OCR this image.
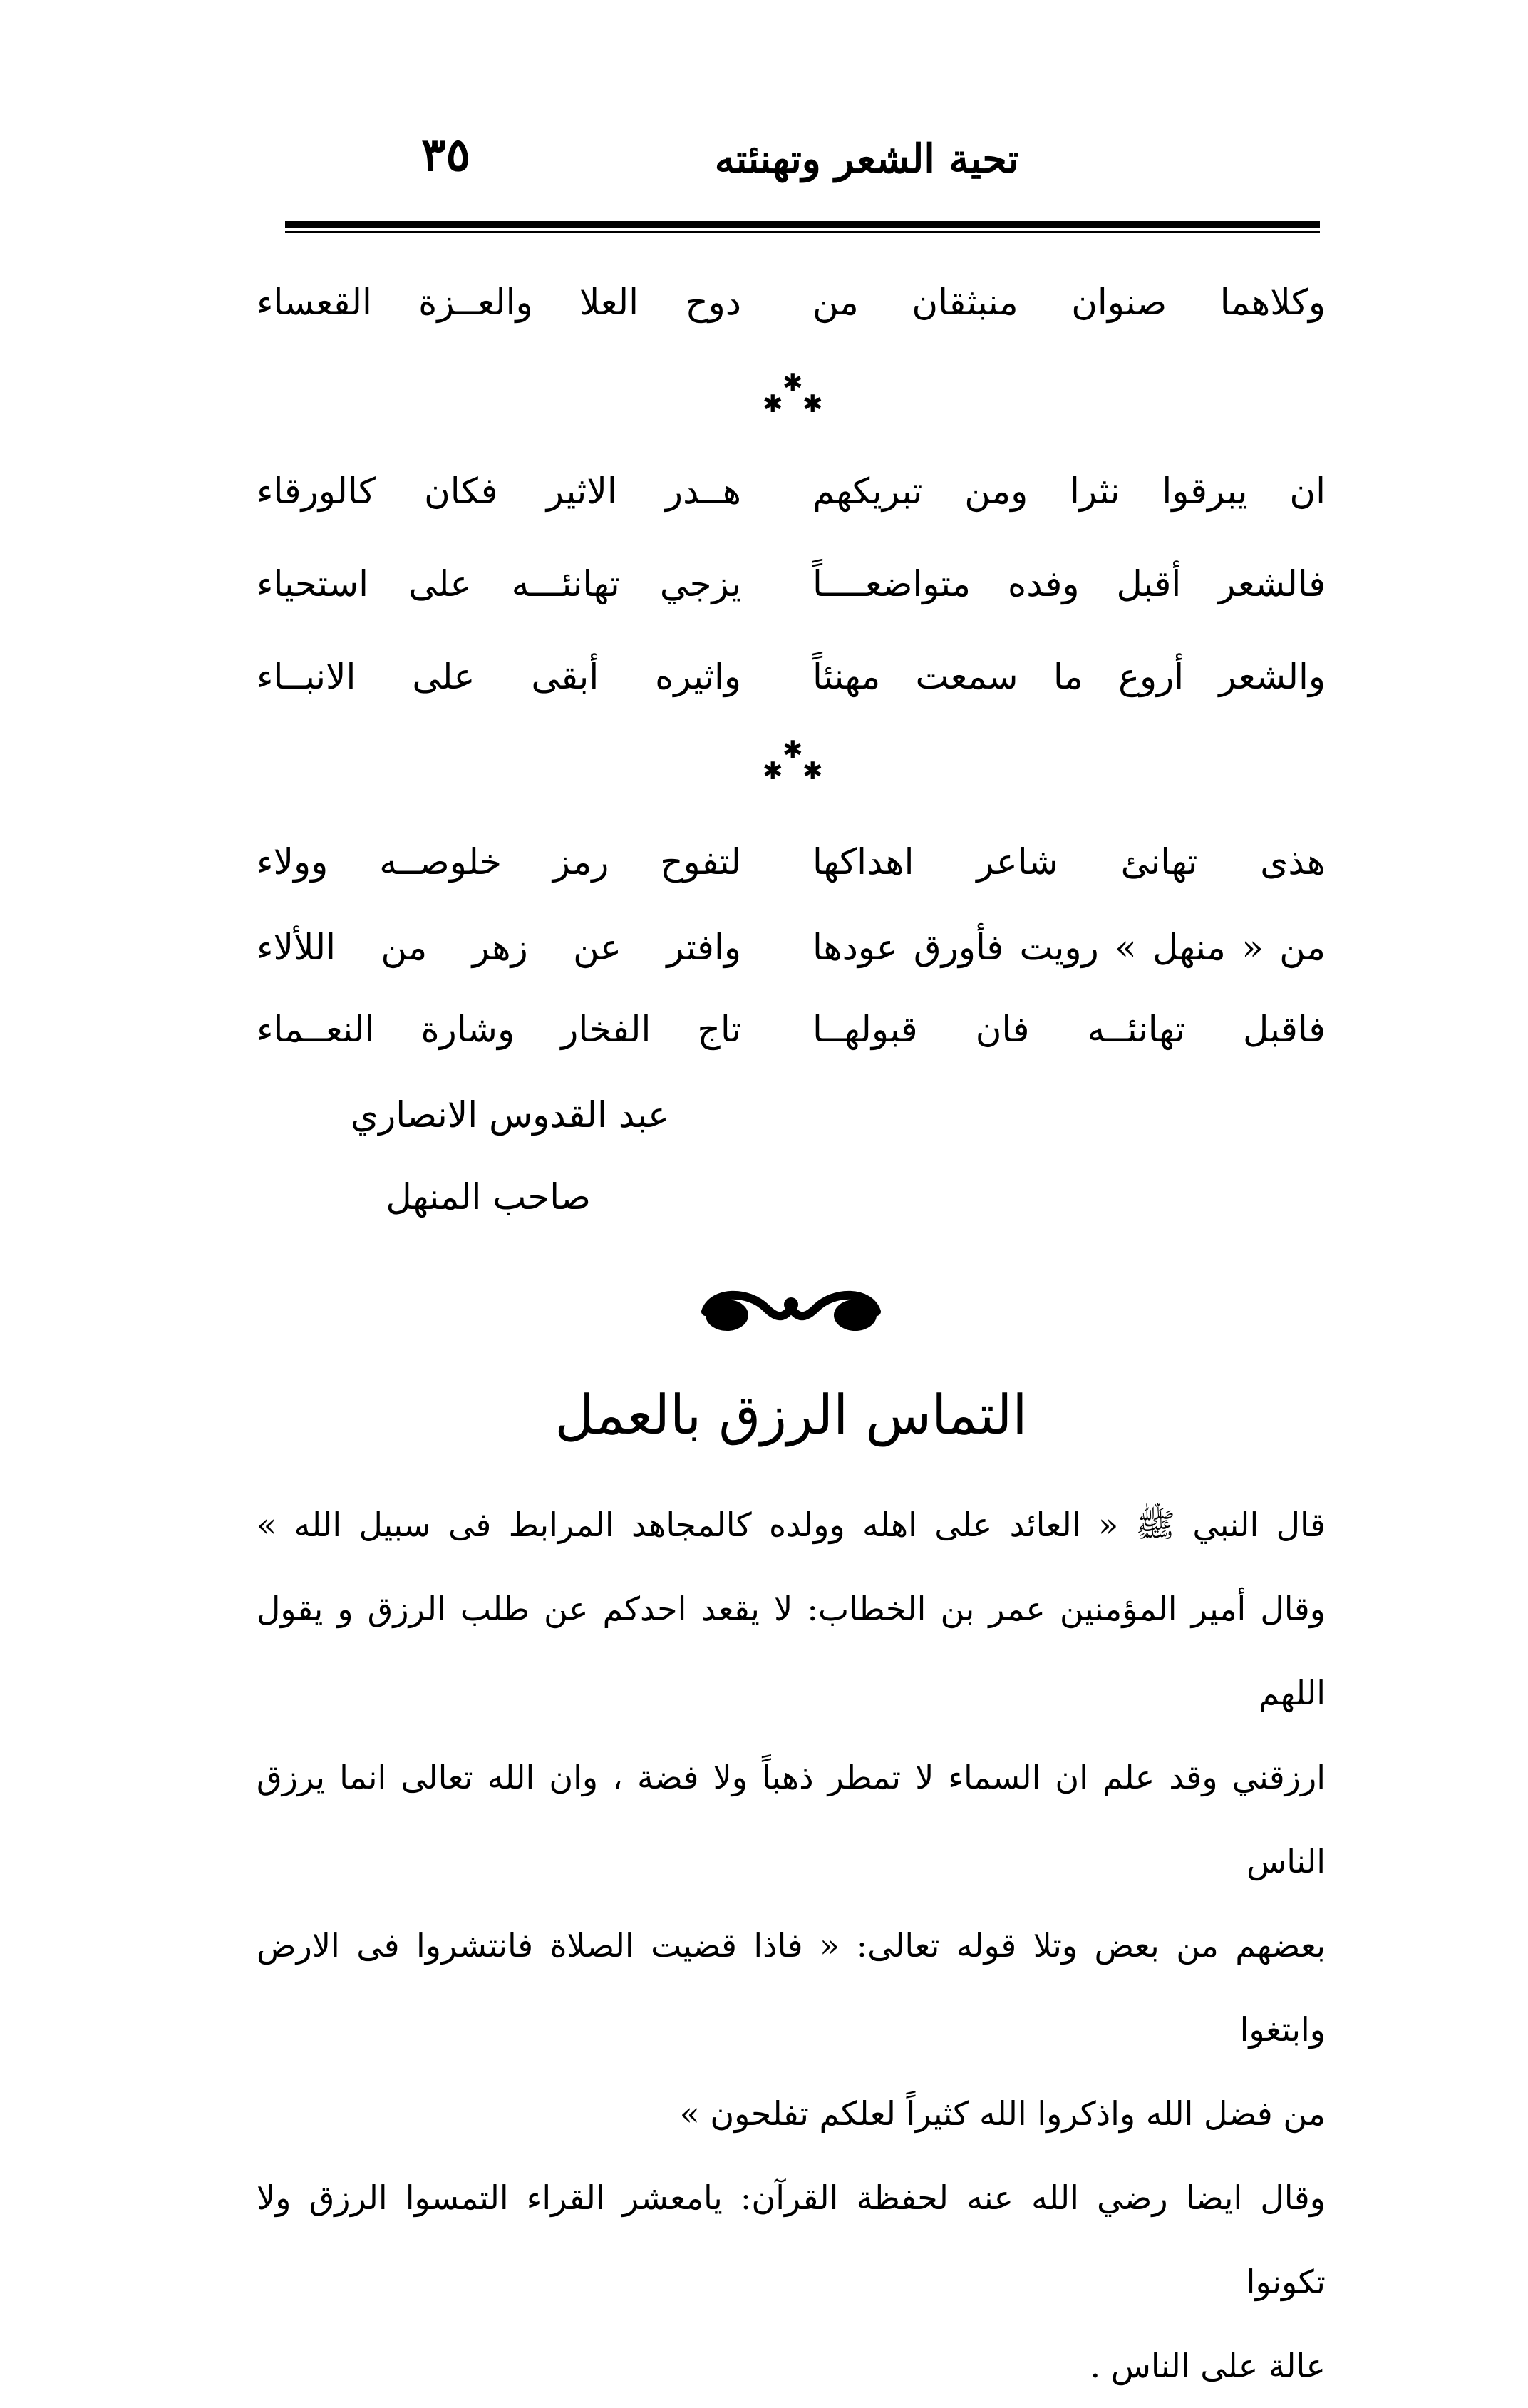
تحية الشعر وتهنئته
٣٥
وكلاهما صنوان منبثقان من
دوح العلا والعــزة القعساء
✱
✱ ✱
ان يبرقوا نثرا ومن تبريكهم
هــدر الاثير فكان كالورقاء
فالشعر أقبل وفده متواضعــــاً
يزجي تهانئـــه على استحياء
والشعر أروع ما سمعت مهنئاً
واثيره أبقى على الانبــاء
✱
✱ ✱
هذى تهانئ شاعر اهداكها
لتفوح رمز خلوصــه وولاء
من « منهل » رويت فأورق عودها
وافتر عن زهر من اللألاء
فاقبل تهانئــه فان قبولهــا
تاج الفخار وشارة النعــماء
عبد القدوس الانصاري
صاحب المنهل
التماس الرزق بالعمل

قال النبي ﷺ « العائد على اهله وولده كالمجاهد المرابط فى سبيل الله »

وقال أمير المؤمنين عمر بن الخطاب: لا يقعد احدكم عن طلب الرزق و يقول اللهم

ارزقني وقد علم ان السماء لا تمطر ذهباً ولا فضة ، وان الله تعالى انما يرزق الناس

بعضهم من بعض وتلا قوله تعالى: « فاذا قضيت الصلاة فانتشروا فى الارض وابتغوا

من فضل الله واذكروا الله كثيراً لعلكم تفلحون »

وقال ايضا رضي الله عنه لحفظة القرآن: يامعشر القراء التمسوا الرزق ولا تكونوا

عالة على الناس .
